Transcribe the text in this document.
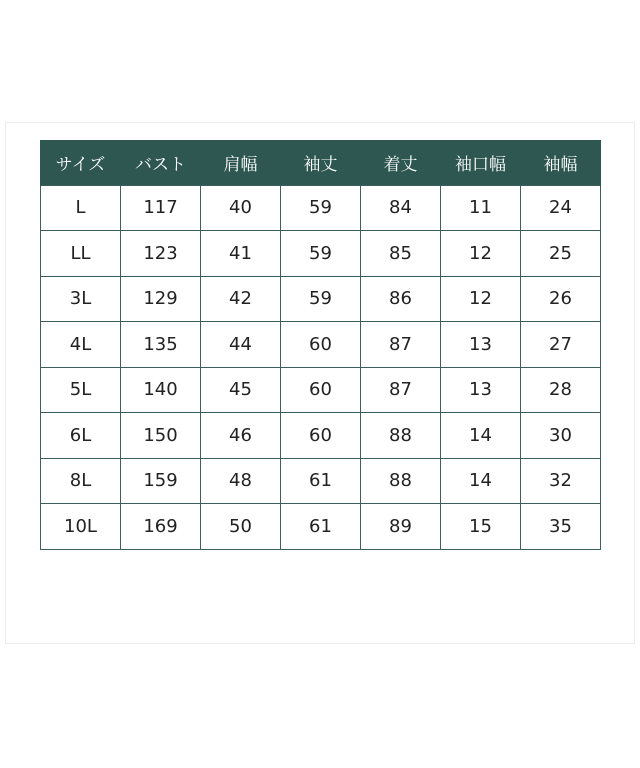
サイズ	バスト	肩幅	袖丈	着丈	袖口幅	袖幅
L	117	40	59	84	11	24
LL	123	41	59	85	12	25
3L	129	42	59	86	12	26
4L	135	44	60	87	13	27
5L	140	45	60	87	13	28
6L	150	46	60	88	14	30
8L	159	48	61	88	14	32
10L	169	50	61	89	15	35
